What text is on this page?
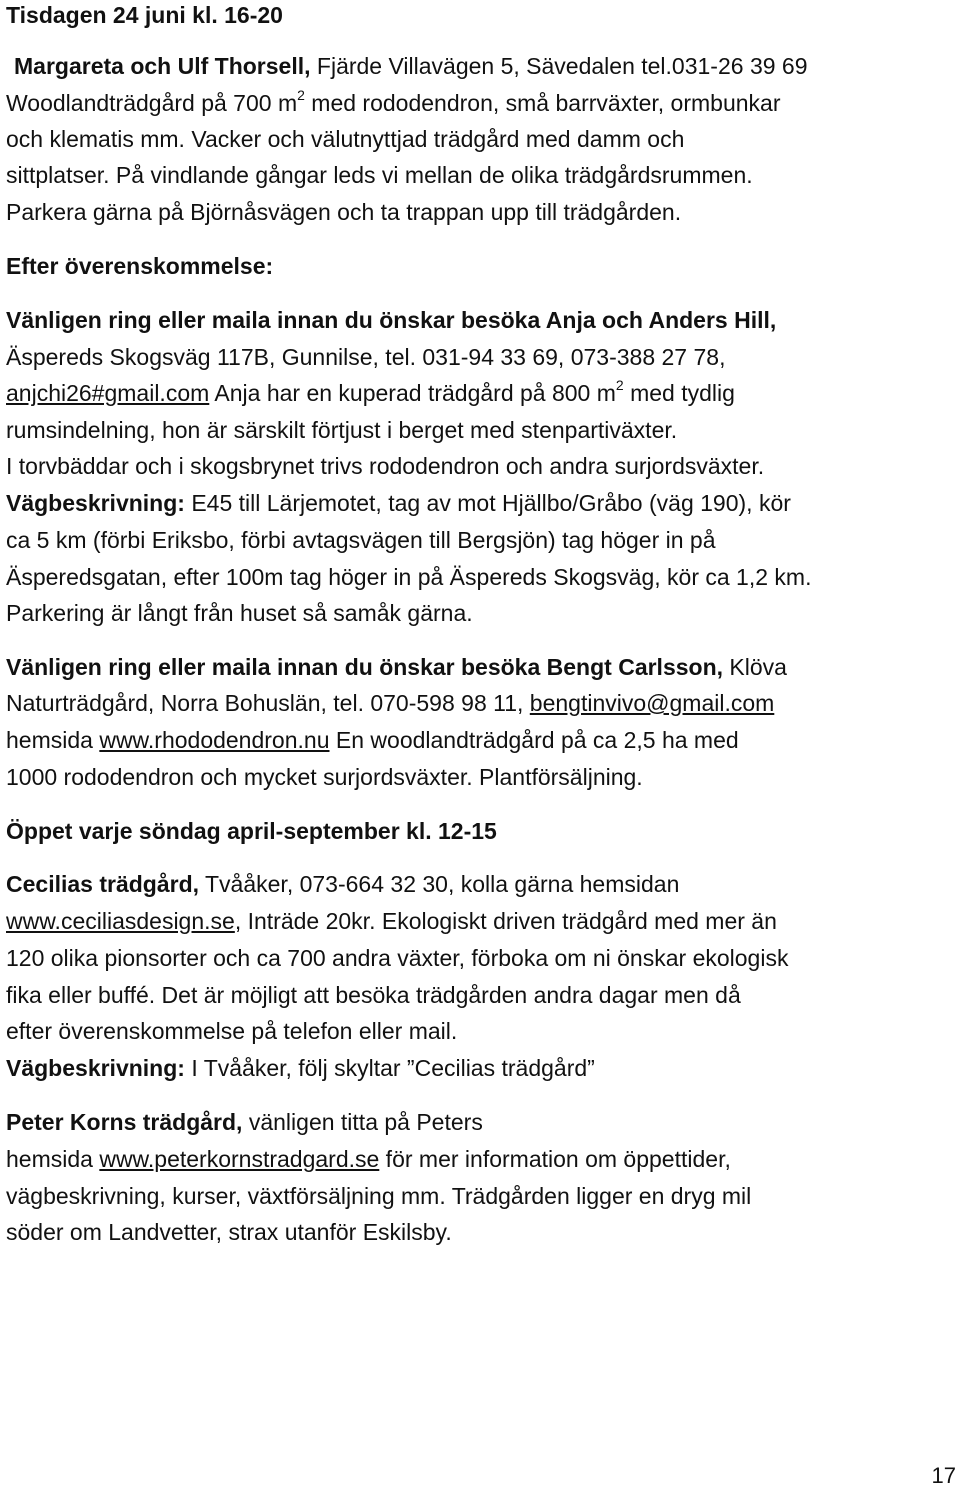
Tisdagen 24 juni kl. 16-20
Margareta och Ulf Thorsell, Fjärde Villavägen 5, Sävedalen tel.031-26 39 69
Woodlandträdgård på 700 $m^2$ med rododendron, små barrväxter, ormbunkar
och klematis mm. Vacker och välutnyttjad trädgård med damm och
sittplatser. På vindlande gångar leds vi mellan de olika trädgårdsrummen.
Parkera gärna på Björnåsvägen och ta trappan upp till trädgården.
Efter överenskommelse:
Vänligen ring eller maila innan du önskar besöka Anja och Anders Hill,
Äspereds Skogsväg 117B, Gunnilse, tel. 031-94 33 69, 073-388 27 78,
anjchi26#gmail.com Anja har en kuperad trädgård på 800 $m^2$ med tydlig
rumsindelning, hon är särskilt förtjust i berget med stenpartiväxter.
I torvbäddar och i skogsbrynet trivs rododendron och andra surjordsväxter.
Vägbeskrivning: E45 till Lärjemotet, tag av mot Hjällbo/Gråbo (väg 190), kör
ca 5 km (förbi Eriksbo, förbi avtagsvägen till Bergsjön) tag höger in på
Äsperedsgatan, efter 100m tag höger in på Äspereds Skogsväg, kör ca 1,2 km.
Parkering är långt från huset så samåk gärna.
Vänligen ring eller maila innan du önskar besöka Bengt Carlsson, Klöva
Naturträdgård, Norra Bohuslän, tel. 070-598 98 11, bengtinvivo@gmail.com
hemsida www.rhododendron.nu En woodlandträdgård på ca 2,5 ha med
1000 rododendron och mycket surjordsväxter. Plantförsäljning.
Öppet varje söndag april-september kl. 12-15
Cecilias trädgård, Tvååker, 073-664 32 30, kolla gärna hemsidan
www.ceciliasdesign.se, Inträde 20kr. Ekologiskt driven trädgård med mer än
120 olika pionsorter och ca 700 andra växter, förboka om ni önskar ekologisk
fika eller buffé. Det är möjligt att besöka trädgården andra dagar men då
efter överenskommelse på telefon eller mail.
Vägbeskrivning: I Tvååker, följ skyltar ”Cecilias trädgård”
Peter Korns trädgård, vänligen titta på Peters
hemsida www.peterkornstradgard.se för mer information om öppettider,
vägbeskrivning, kurser, växtförsäljning mm. Trädgården ligger en dryg mil
söder om Landvetter, strax utanför Eskilsby.
17
